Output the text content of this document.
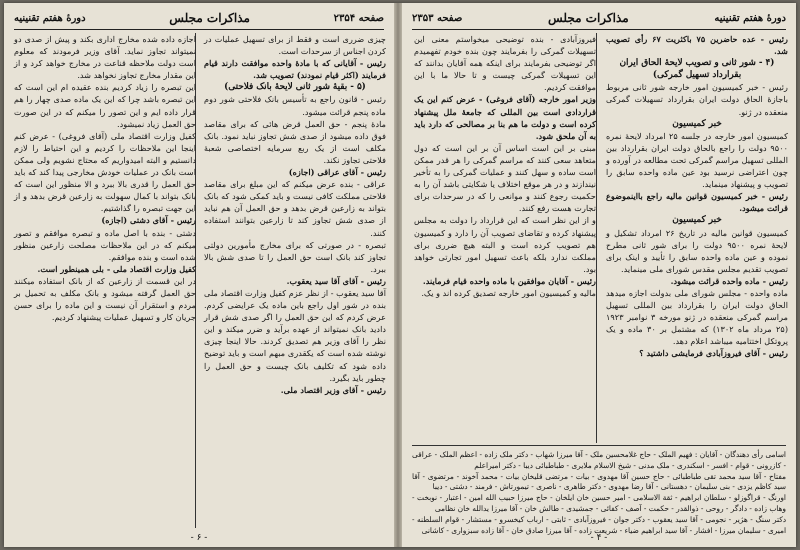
صفحه ۲۳۵۴
مذاکرات مجلس
دورهٔ هفتم تقنینیه

چیزی ضرری است و فقط از برای تسهیل عملیات در کردن اجناس از سرحدات است.

رئیس - آقایانی که با مادهٔ واحده موافقت دارند قیام فرمایند (اکثر قیام نمودند) تصویب شد.

(۵ - بقیهٔ شور ثانی لایحهٔ بانک فلاحتی)

رئیس - قانون راجع به تأسیس بانک فلاحتی شور دوم ماده پنجم قرائت میشود.

مادهٔ پنجم - حق العمل قرض هائی که برای مقاصد فوق داده میشود از صدی شش تجاوز نباید نمود. بانک مکلف است از یک ربع سرمایه اختصاصی شعبهٔ فلاحتی تجاوز نکند.

رئیس - آقای عراقی (اجازه)

عراقی - بنده عرض میکنم که این مبلغ برای مقاصد فلاحتی مملکت کافی نیست و باید کمکی شود که بانک بتواند به زارعین قرض بدهد و حق العمل آن هم نباید از صدی شش تجاوز کند تا زارعین بتوانند استفاده کنند.

تبصره - در صورتی که برای مخارج مأمورین دولتی تجاوز کند بانک است حق العمل را تا صدی شش بالا ببرد.

رئیس - آقای آقا سید یعقوب.

آقا سید یعقوب - از نظر عزم کفیل وزارت اقتصاد ملی بنده در شور اول راجع باین ماده یک عرایضی کردم. عرض کردم که این حق العمل را اگر صدی شش قرار دادید بانک نمیتواند از عهده برآید و ضرر میکند و این نظر را آقای وزیر هم تصدیق کردند. حالا اینجا چیزی نوشته شده است که یکقدری مبهم است و باید توضیح داده شود که تکلیف بانک چیست و حق العمل را چطور باید بگیرد.

رئیس - آقای وزیر اقتصاد ملی.

اجازه داده شده مخارج اداری بکند و پیش از صدی دو نمیتواند تجاوز نماید. آقای وزیر فرمودند که معلوم است دولت ملاحظه قناعت در مخارج خواهد کرد و از این مقدار مخارج تجاوز نخواهد شد.

این تبصره را زیاد کردیم بنده عقیده ام این است که این تبصره باشد چرا که این یک ماده صدی چهار را هم قرار داده ایم و این تصور را میکنم که در این صورت حق العمل زیاد نمیشود.

کفیل وزارت اقتصاد ملی (آقای فروغی) - عرض کنم اینجا این ملاحظات را کردیم و این احتیاط را لازم دانستیم و البته امیدواریم که محتاج نشویم ولی ممکن است بانک در عملیات خودش مخارجی پیدا کند که باید حق العمل را قدری بالا ببرد و الا منظور این است که بانک بتواند با کمال سهولت به زارعین قرض بدهد و از این جهت تبصره را گذاشتیم.

رئیس - آقای دشتی (اجازه)

دشتی - بنده با اصل ماده و تبصره موافقم و تصور میکنم که در این ملاحظات مصلحت زارعین منظور شده است و بنده موافقم.

کفیل وزارت اقتصاد ملی - بلی همینطور است.

در این قسمت از زارعین که از بانک استفاده میکنند حق العمل گرفته میشود و بانک مکلف به تحمیل بر مردم و استقرار آن نیست و این ماده را برای حسن جریان کار و تسهیل عملیات پیشنهاد کردیم.

- ۶ -
دورهٔ هفتم تقنینیه
مذاکرات مجلس
صفحه ۲۳۵۳

رئیس - عده حاضرین ۷۵ باکثریت ۶۷ رأی تصویب شد.

(۴ - شور ثانی و تصویب لایحهٔ الحاق ایران بقرارداد تسهیل گمرکی)

رئیس - خبر کمیسیون امور خارجه شور ثانی مربوط باجازهٔ الحاق دولت ایران بقرارداد تسهیلات گمرکی منعقده در ژنو.

خبر کمیسیون

کمیسیون امور خارجه در جلسه ۲۵ امرداد لایحهٔ نمره ۹۵۰۰ دولت را راجع بالحاق دولت ایران بقرارداد بین المللی تسهیل مراسم گمرکی تحت مطالعه در آورده و چون اعتراضی نرسید بود عین ماده واحده سابق را تصویب و پیشنهاد مینماید.

رئیس - خبر کمیسیون قوانین مالیه راجع بااینموضوع قرائت میشود.

خبر کمیسیون

کمیسیون قوانین مالیه در تاریخ ۲۶ امرداد تشکیل و لایحهٔ نمره ۹۵۰۰ دولت را برای شور ثانی مطرح نموده و عین ماده واحده سابق را تأیید و اینک برای تصویب تقدیم مجلس مقدس شورای ملی مینماید.

رئیس - ماده واحده قرائت میشود.

ماده واحده - مجلس شورای ملی بدولت اجازه میدهد الحاق دولت ایران را بقرارداد بین المللی تسهیل مراسم گمرکی منعقده در ژنو مورخه ۳ نوامبر ۱۹۲۳ (۲۵ مرداد ماه ۱۳۰۲) که مشتمل بر ۳۰ ماده و یک پروتکل اختتامیه میباشد اعلام دهد.

رئیس - آقای فیروزآبادی فرمایشی داشتید ؟

فیروزآبادی - بنده توضیحی میخواستم معنی این تسهیلات گمرکی را بفرمایند چون بنده خودم تفهمیدم اگر توضیحی بفرمایند برای اینکه همه آقایان بدانند که این تسهیلات گمرکی چیست و تا حالا ما با این موافقت کردیم.

وزیر امور خارجه (آقای فروغی) - عرض کنم این یک قراردادی است بین المللی که جامعهٔ ملل پیشنهاد کرده است و دولت ما هم بنا بر مصالحی که دارد باید به آن ملحق شود.

مبنی بر این است اساس آن بر این است که دول متعاهد سعی کنند که مراسم گمرکی را هر قدر ممکن است ساده و سهل کنند و عملیات گمرکی را به تأخیر نیندازند و در هر موقع اختلاف یا شکایتی باشد آن را به حکمیت رجوع کنند و موانعی را که در سرحدات برای تجارت هست رفع کنند.

و از این نظر است که این قرارداد را دولت به مجلس پیشنهاد کرده و تقاضای تصویب آن را دارد و کمیسیون هم تصویب کرده است و البته هیچ ضرری برای مملکت ندارد بلکه باعث تسهیل امور تجارتی خواهد بود.

رئیس - آقایان موافقین با ماده واحده قیام فرمایند.

مالیه و کمیسیون امور خارجه تصدیق کرده اند و یک.

اسامی رأی دهندگان - آقایان : فهیم الملک - حاج غلامحسین ملک - آقا میرزا شهاب - دکتر ملک زاده - اعظم الملک - عراقی - کازرونی - قوام - افسر - اسکندری - ملک مدنی - شیخ الاسلام ملایری - طباطبائی دیبا - دکتر امیراعلم

مفتاح - آقا سید محمد تقی طباطبائی - حاج حسین آقا مهدوی - بیات - مرتضی قلیخان بیات - محمد آخوند - مرتضوی - آقا سید کاظم یزدی - بنی سلیمان - دهستانی - آقا رضا مهدوی - دکتر طاهری - ناصری - تیمورتاش - فرمند - دشتی - دیبا

اورنگ - قراگوزلو - سلطان ابراهیم - ثقة الاسلامی - امیر حسین خان ایلخان - حاج میرزا حبیب الله امین - اعتبار - نوبخت - وهاب زاده - دادگر - روحی - ذوالقدر - حکمت - آصف - کفائی - جمشیدی - طالش خان - آقا میرزا یدالله خان نظامی

دکتر سنگ - هژیر - نجومی - آقا سید یعقوب - دکتر جوان - فیروزآبادی - ثابتی - ارباب کیخسرو - مستشار - قوام السلطنه - امیری - سلیمان میرزا - افشار - آقا سید ابراهیم ضیاء - شریعت زاده - آقا میرزا صادق خان - آقا زاده سبزواری - کاشانی

- ۴ -
